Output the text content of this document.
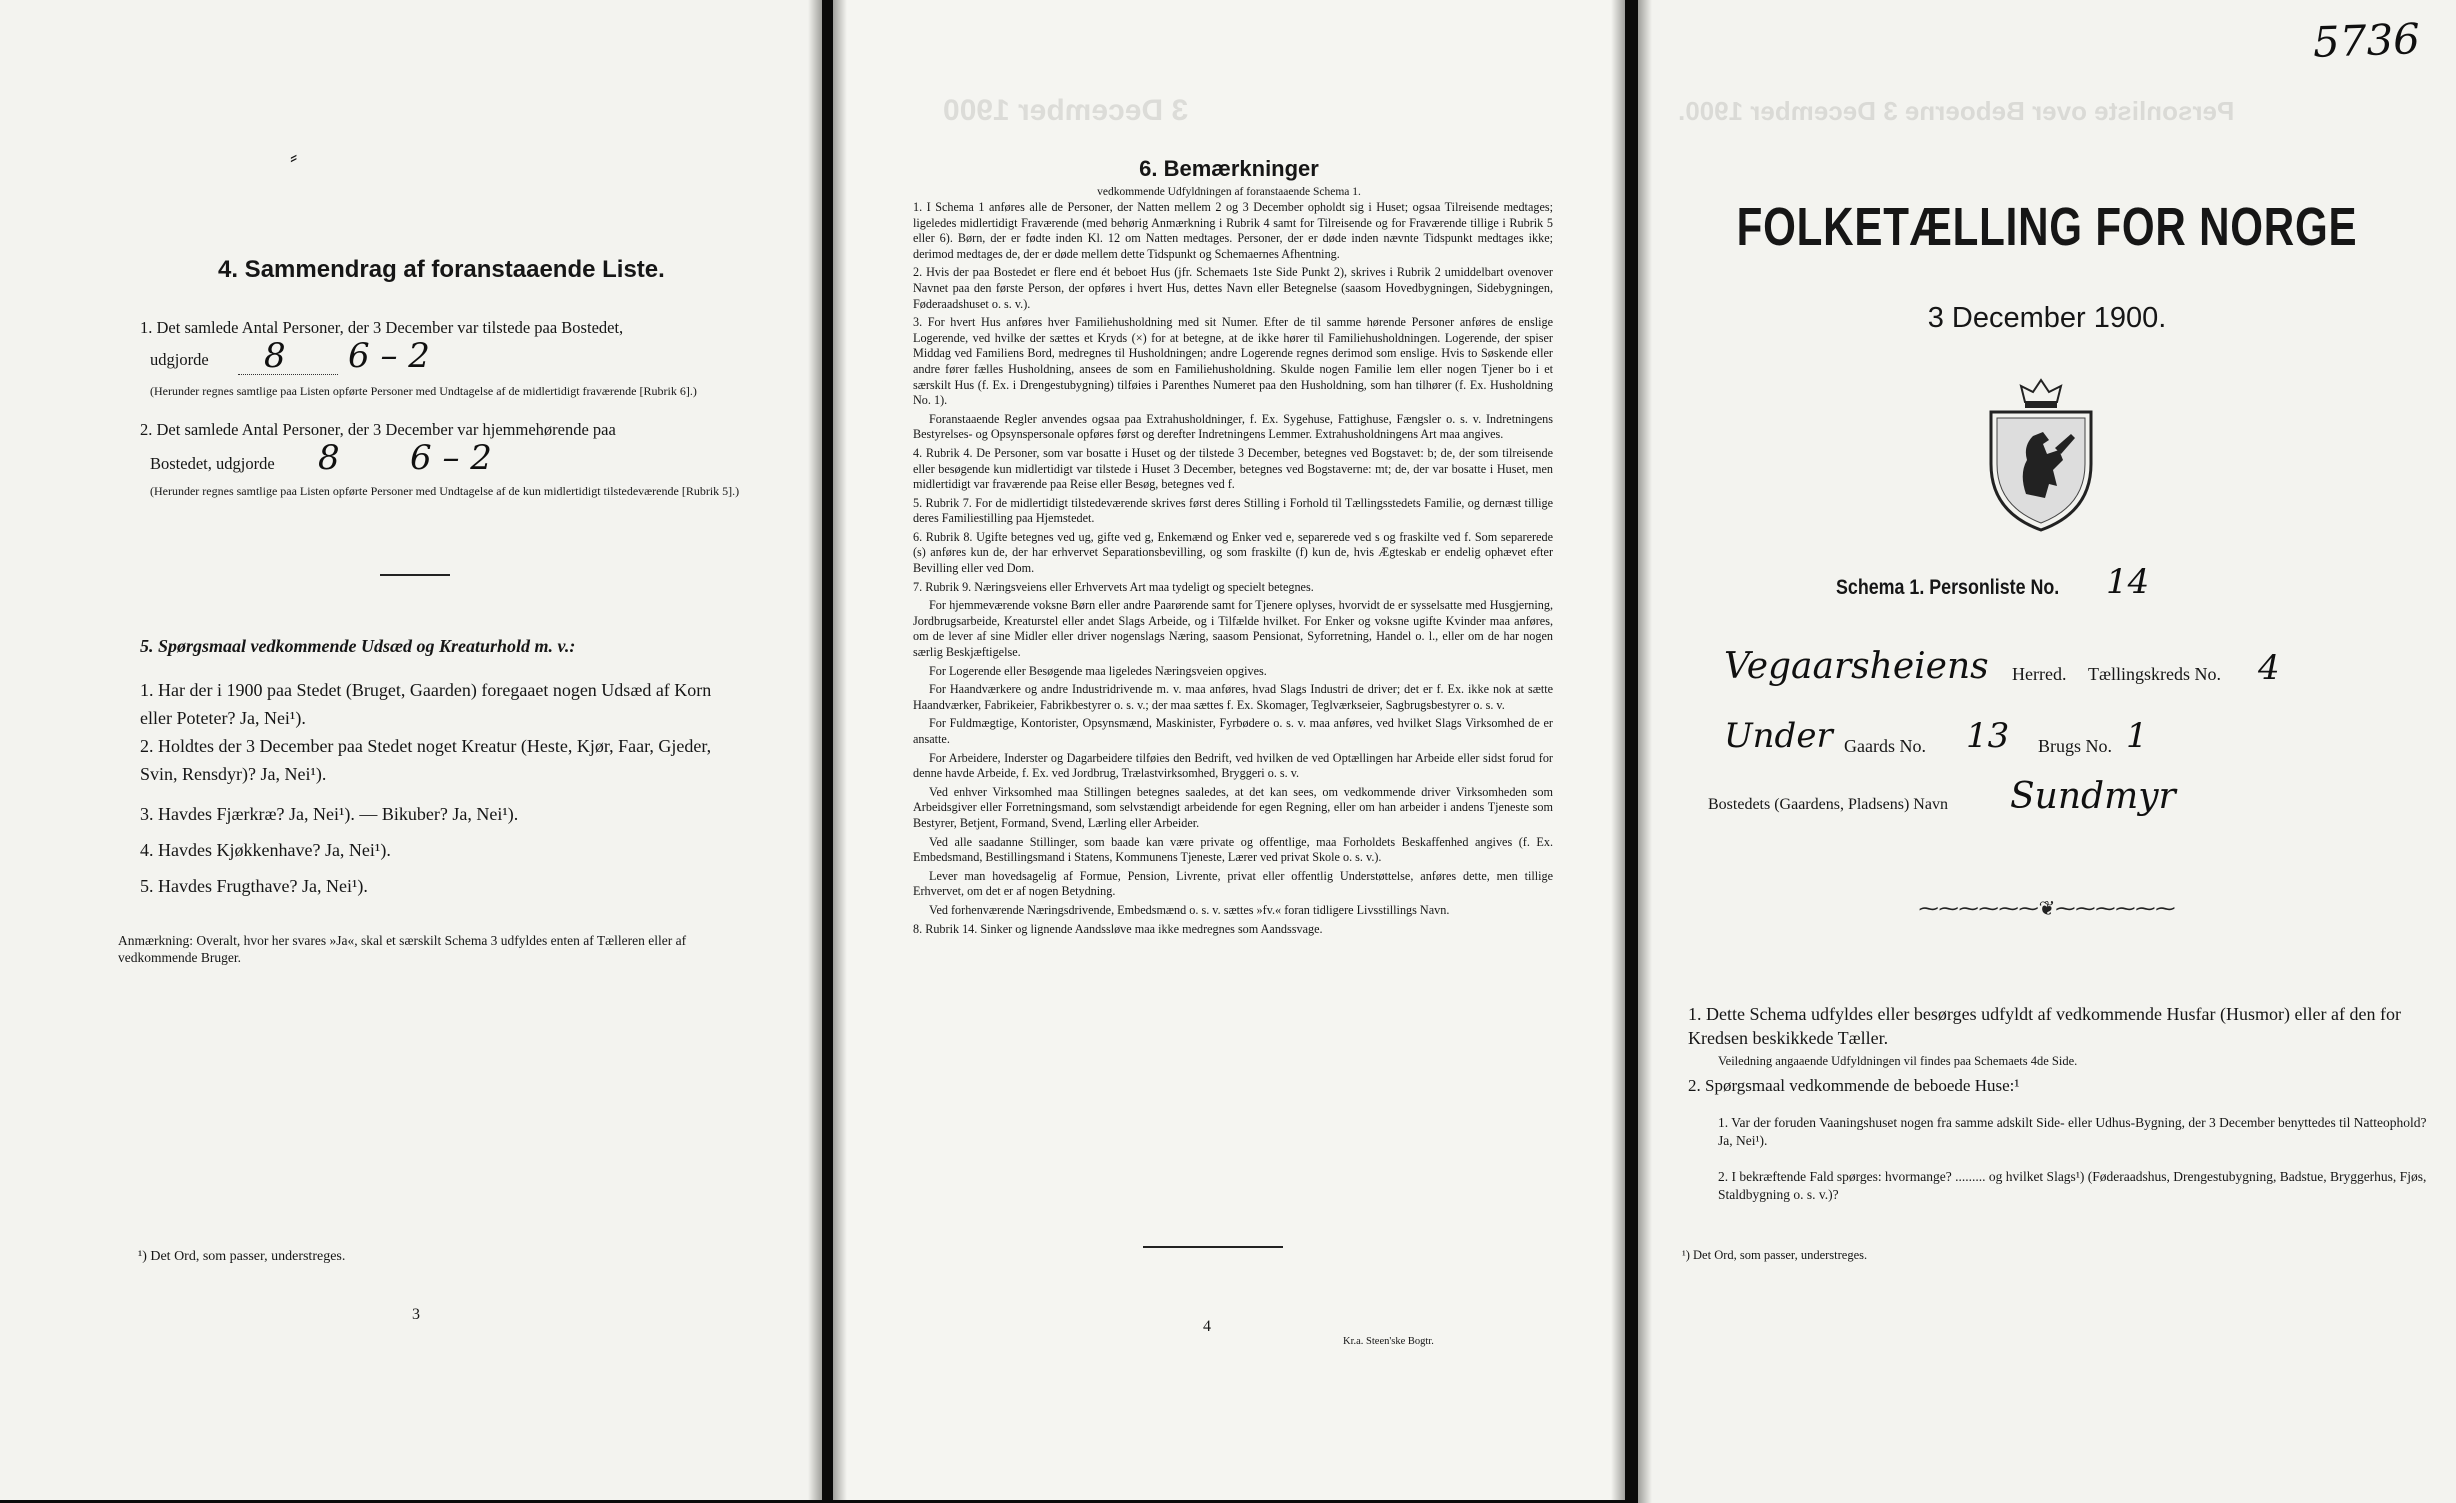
⸗
4. Sammendrag af foranstaaende Liste.
1. Det samlede Antal Personer, der 3 December var tilstede paa Bostedet,
udgjorde 8 6 – 2
(Herunder regnes samtlige paa Listen opførte Personer med Undtagelse af de midlertidigt fraværende [Rubrik 6].)
2. Det samlede Antal Personer, der 3 December var hjemmehørende paa
Bostedet, udgjorde 8 6 – 2
(Herunder regnes samtlige paa Listen opførte Personer med Undtagelse af de kun midlertidigt tilstedeværende [Rubrik 5].)
5. Spørgsmaal vedkommende Udsæd og Kreaturhold m. v.:
1. Har der i 1900 paa Stedet (Bruget, Gaarden) foregaaet nogen Udsæd af Korn eller Poteter? Ja, Nei¹).
2. Holdtes der 3 December paa Stedet noget Kreatur (Heste, Kjør, Faar, Gjeder, Svin, Rensdyr)? Ja, Nei¹).
3. Havdes Fjærkræ? Ja, Nei¹). — Bikuber? Ja, Nei¹).
4. Havdes Kjøkkenhave? Ja, Nei¹).
5. Havdes Frugthave? Ja, Nei¹).
Anmærkning: Overalt, hvor her svares »Ja«, skal et særskilt Schema 3 udfyldes enten af Tælleren eller af vedkommende Bruger.
¹) Det Ord, som passer, understreges.
3
3 December 1900
6. Bemærkninger
vedkommende Udfyldningen af foranstaaende Schema 1.
1. I Schema 1 anføres alle de Personer, der Natten mellem 2 og 3 December opholdt sig i Huset; ogsaa Tilreisende medtages; ligeledes midlertidigt Fraværende (med behørig Anmærkning i Rubrik 4 samt for Tilreisende og for Fraværende tillige i Rubrik 5 eller 6). Børn, der er fødte inden Kl. 12 om Natten medtages. Personer, der er døde inden nævnte Tidspunkt medtages ikke; derimod medtages de, der er døde mellem dette Tidspunkt og Schemaernes Afhentning.
2. Hvis der paa Bostedet er flere end ét beboet Hus (jfr. Schemaets 1ste Side Punkt 2), skrives i Rubrik 2 umiddelbart ovenover Navnet paa den første Person, der opføres i hvert Hus, dettes Navn eller Betegnelse (saasom Hovedbygningen, Sidebygningen, Føderaadshuset o. s. v.).
3. For hvert Hus anføres hver Familiehusholdning med sit Numer. Efter de til samme hørende Personer anføres de enslige Logerende, ved hvilke der sættes et Kryds (×) for at betegne, at de ikke hører til Familiehusholdningen. Logerende, der spiser Middag ved Familiens Bord, medregnes til Husholdningen; andre Logerende regnes derimod som enslige. Hvis to Søskende eller andre fører fælles Husholdning, ansees de som en Familiehusholdning. Skulde nogen Familie lem eller nogen Tjener bo i et særskilt Hus (f. Ex. i Drengestubygning) tilføies i Parenthes Numeret paa den Husholdning, som han tilhører (f. Ex. Husholdning No. 1).
Foranstaaende Regler anvendes ogsaa paa Extrahusholdninger, f. Ex. Sygehuse, Fattighuse, Fængsler o. s. v. Indretningens Bestyrelses- og Opsynspersonale opføres først og derefter Indretningens Lemmer. Extrahusholdningens Art maa angives.
4. Rubrik 4. De Personer, som var bosatte i Huset og der tilstede 3 December, betegnes ved Bogstavet: b; de, der som tilreisende eller besøgende kun midlertidigt var tilstede i Huset 3 December, betegnes ved Bogstaverne: mt; de, der var bosatte i Huset, men midlertidigt var fraværende paa Reise eller Besøg, betegnes ved f.
5. Rubrik 7. For de midlertidigt tilstedeværende skrives først deres Stilling i Forhold til Tællingsstedets Familie, og dernæst tillige deres Familiestilling paa Hjemstedet.
6. Rubrik 8. Ugifte betegnes ved ug, gifte ved g, Enkemænd og Enker ved e, separerede ved s og fraskilte ved f. Som separerede (s) anføres kun de, der har erhvervet Separationsbevilling, og som fraskilte (f) kun de, hvis Ægteskab er endelig ophævet efter Bevilling eller ved Dom.
7. Rubrik 9. Næringsveiens eller Erhvervets Art maa tydeligt og specielt betegnes.
For hjemmeværende voksne Børn eller andre Paarørende samt for Tjenere oplyses, hvorvidt de er sysselsatte med Husgjerning, Jordbrugsarbeide, Kreaturstel eller andet Slags Arbeide, og i Tilfælde hvilket. For Enker og voksne ugifte Kvinder maa anføres, om de lever af sine Midler eller driver nogenslags Næring, saasom Pensionat, Syforretning, Handel o. l., eller om de har nogen særlig Beskjæftigelse.
For Logerende eller Besøgende maa ligeledes Næringsveien opgives.
For Haandværkere og andre Industridrivende m. v. maa anføres, hvad Slags Industri de driver; det er f. Ex. ikke nok at sætte Haandværker, Fabrikeier, Fabrikbestyrer o. s. v.; der maa sættes f. Ex. Skomager, Teglværkseier, Sagbrugsbestyrer o. s. v.
For Fuldmægtige, Kontorister, Opsynsmænd, Maskinister, Fyrbødere o. s. v. maa anføres, ved hvilket Slags Virksomhed de er ansatte.
For Arbeidere, Inderster og Dagarbeidere tilføies den Bedrift, ved hvilken de ved Optællingen har Arbeide eller sidst forud for denne havde Arbeide, f. Ex. ved Jordbrug, Trælastvirksomhed, Bryggeri o. s. v.
Ved enhver Virksomhed maa Stillingen betegnes saaledes, at det kan sees, om vedkommende driver Virksomheden som Arbeidsgiver eller Forretningsmand, som selvstændigt arbeidende for egen Regning, eller om han arbeider i andens Tjeneste som Bestyrer, Betjent, Formand, Svend, Lærling eller Arbeider.
Ved alle saadanne Stillinger, som baade kan være private og offentlige, maa Forholdets Beskaffenhed angives (f. Ex. Embedsmand, Bestillingsmand i Statens, Kommunens Tjeneste, Lærer ved privat Skole o. s. v.).
Lever man hovedsagelig af Formue, Pension, Livrente, privat eller offentlig Understøttelse, anføres dette, men tillige Erhvervet, om det er af nogen Betydning.
Ved forhenværende Næringsdrivende, Embedsmænd o. s. v. sættes »fv.« foran tidligere Livsstillings Navn.
8. Rubrik 14. Sinker og lignende Aandssløve maa ikke medregnes som Aandssvage.
4
Kr.a. Steen'ske Bogtr.
5736
Personliste over Beboerne 3 December 1900.
FOLKETÆLLING FOR NORGE
3 December 1900.
Schema 1. Personliste No. 14
Vegaarsheiens Herred. Tællingskreds No. 4
Under Gaards No. 13 Brugs No. 1
Bostedets (Gaardens, Pladsens) Navn Sundmyr
⁓⁓⁓⁓⁓⁓❦⁓⁓⁓⁓⁓⁓
1. Dette Schema udfyldes eller besørges udfyldt af vedkommende Husfar (Husmor) eller af den for Kredsen beskikkede Tæller.
Veiledning angaaende Udfyldningen vil findes paa Schemaets 4de Side.
2. Spørgsmaal vedkommende de beboede Huse:¹
1. Var der foruden Vaaningshuset nogen fra samme adskilt Side- eller Udhus-Bygning, der 3 December benyttedes til Natteophold? Ja, Nei¹).
2. I bekræftende Fald spørges: hvormange? ......... og hvilket Slags¹) (Føderaadshus, Drengestubygning, Badstue, Bryggerhus, Fjøs, Staldbygning o. s. v.)?
¹) Det Ord, som passer, understreges.
